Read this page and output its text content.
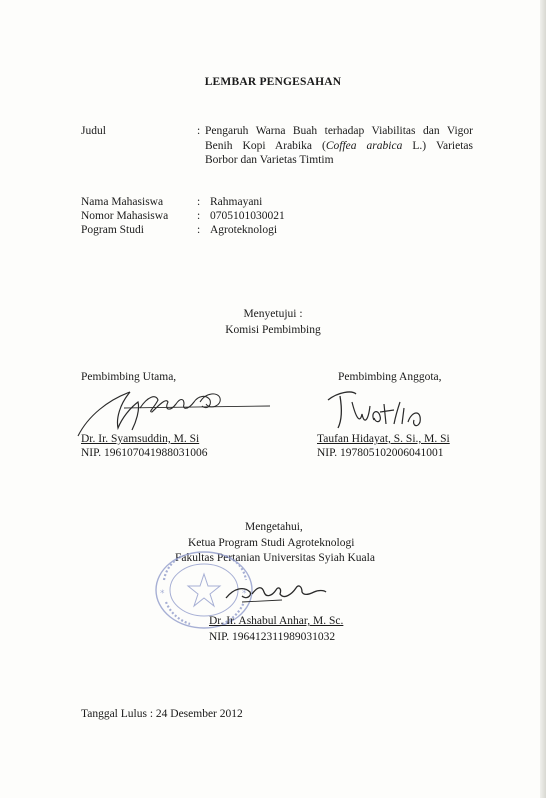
LEMBAR PENGESAHAN
Judul	: Pengaruh Warna Buah terhadap Viabilitas dan Vigor
Benih Kopi Arabika (Coffea arabica L.) Varietas
Borbor dan Varietas Timtim
Nama Mahasiswa	: Rahmayani
Nomor Mahasiswa	: 0705101030021
Pogram Studi	: Agroteknologi
Menyetujui :
Komisi Pembimbing
Pembimbing Utama,	Pembimbing Anggota,
Dr. Ir. Syamsuddin, M. Si
NIP. 196107041988031006
Taufan Hidayat, S. Si., M. Si
NIP. 197805102006041001
Mengetahui,
Ketua Program Studi Agroteknologi
Fakultas Pertanian Universitas Syiah Kuala
*	*
Dr. Ir. Ashabul Anhar, M. Sc.
NIP. 196412311989031032
Tanggal Lulus : 24 Desember 2012
